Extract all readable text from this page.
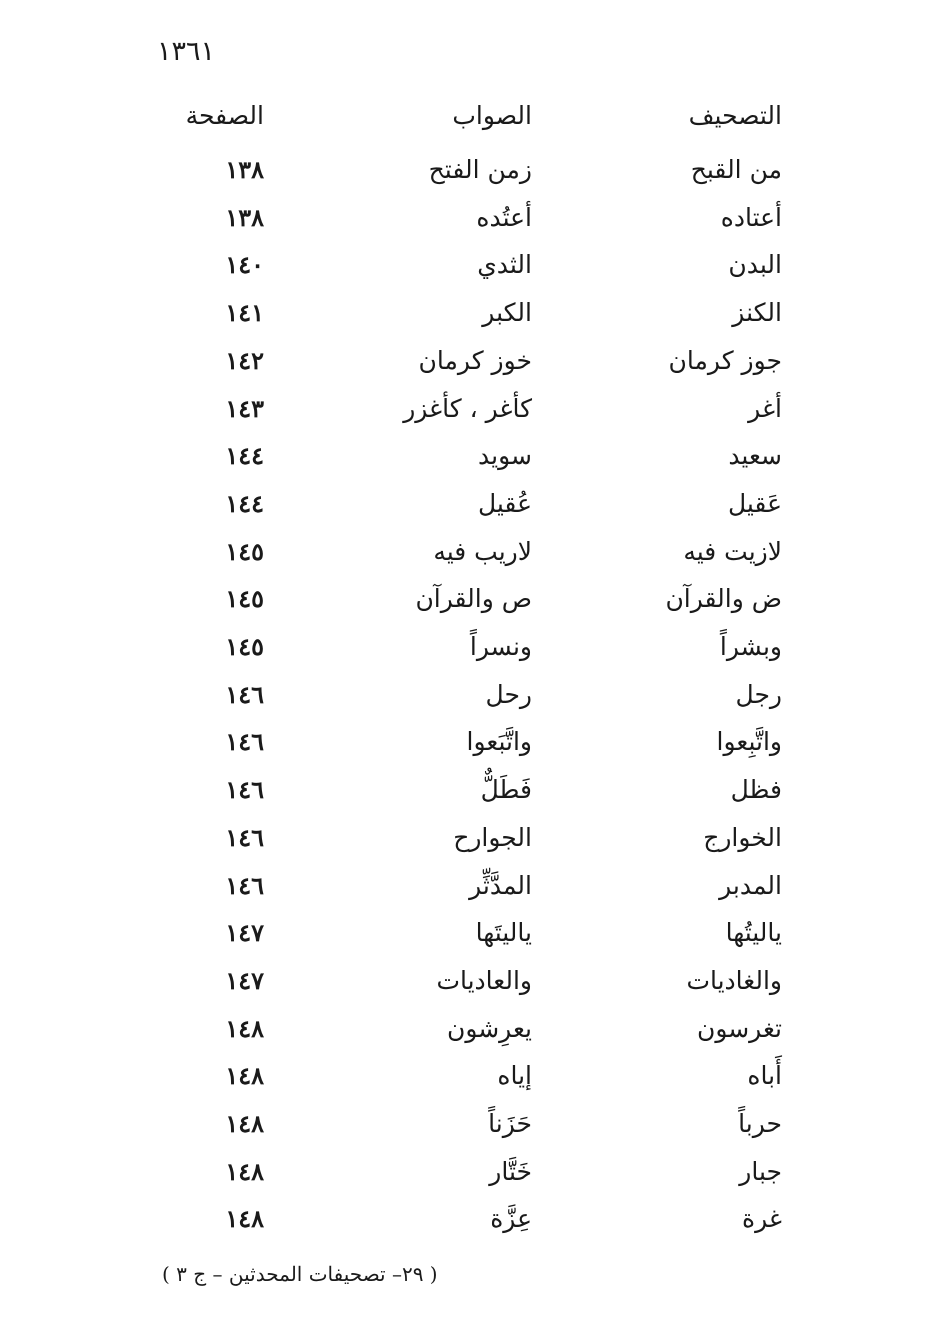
١٣٦١
التصحيف
الصواب
الصفحة
من القبح
زمن الفتح
١٣٨
أعتاده
أعتُده
١٣٨
البدن
الثدي
١٤٠
الكنز
الكبر
١٤١
جوز كرمان
خوز كرمان
١٤٢
أغر
كأغر ، كأغزر
١٤٣
سعيد
سويد
١٤٤
عَقيل
عُقيل
١٤٤
لازيت فيه
لاريب فيه
١٤٥
ض والقرآن
ص والقرآن
١٤٥
وبشراً
ونسراً
١٤٥
رجل
رحل
١٤٦
واتَّبِعوا
واتَّبَعوا
١٤٦
فظل
فَطَلٌّ
١٤٦
الخوارج
الجوارح
١٤٦
المدبر
المدَّثِّر
١٤٦
ياليتُها
ياليتَها
١٤٧
والغاديات
والعاديات
١٤٧
تغرسون
يعرِشون
١٤٨
أَباه
إياه
١٤٨
حرباً
حَزَناً
١٤٨
جبار
خَتَّار
١٤٨
غرة
عِزَّة
١٤٨
( ٢٩– تصحيفات المحدثين – ج ٣ )
